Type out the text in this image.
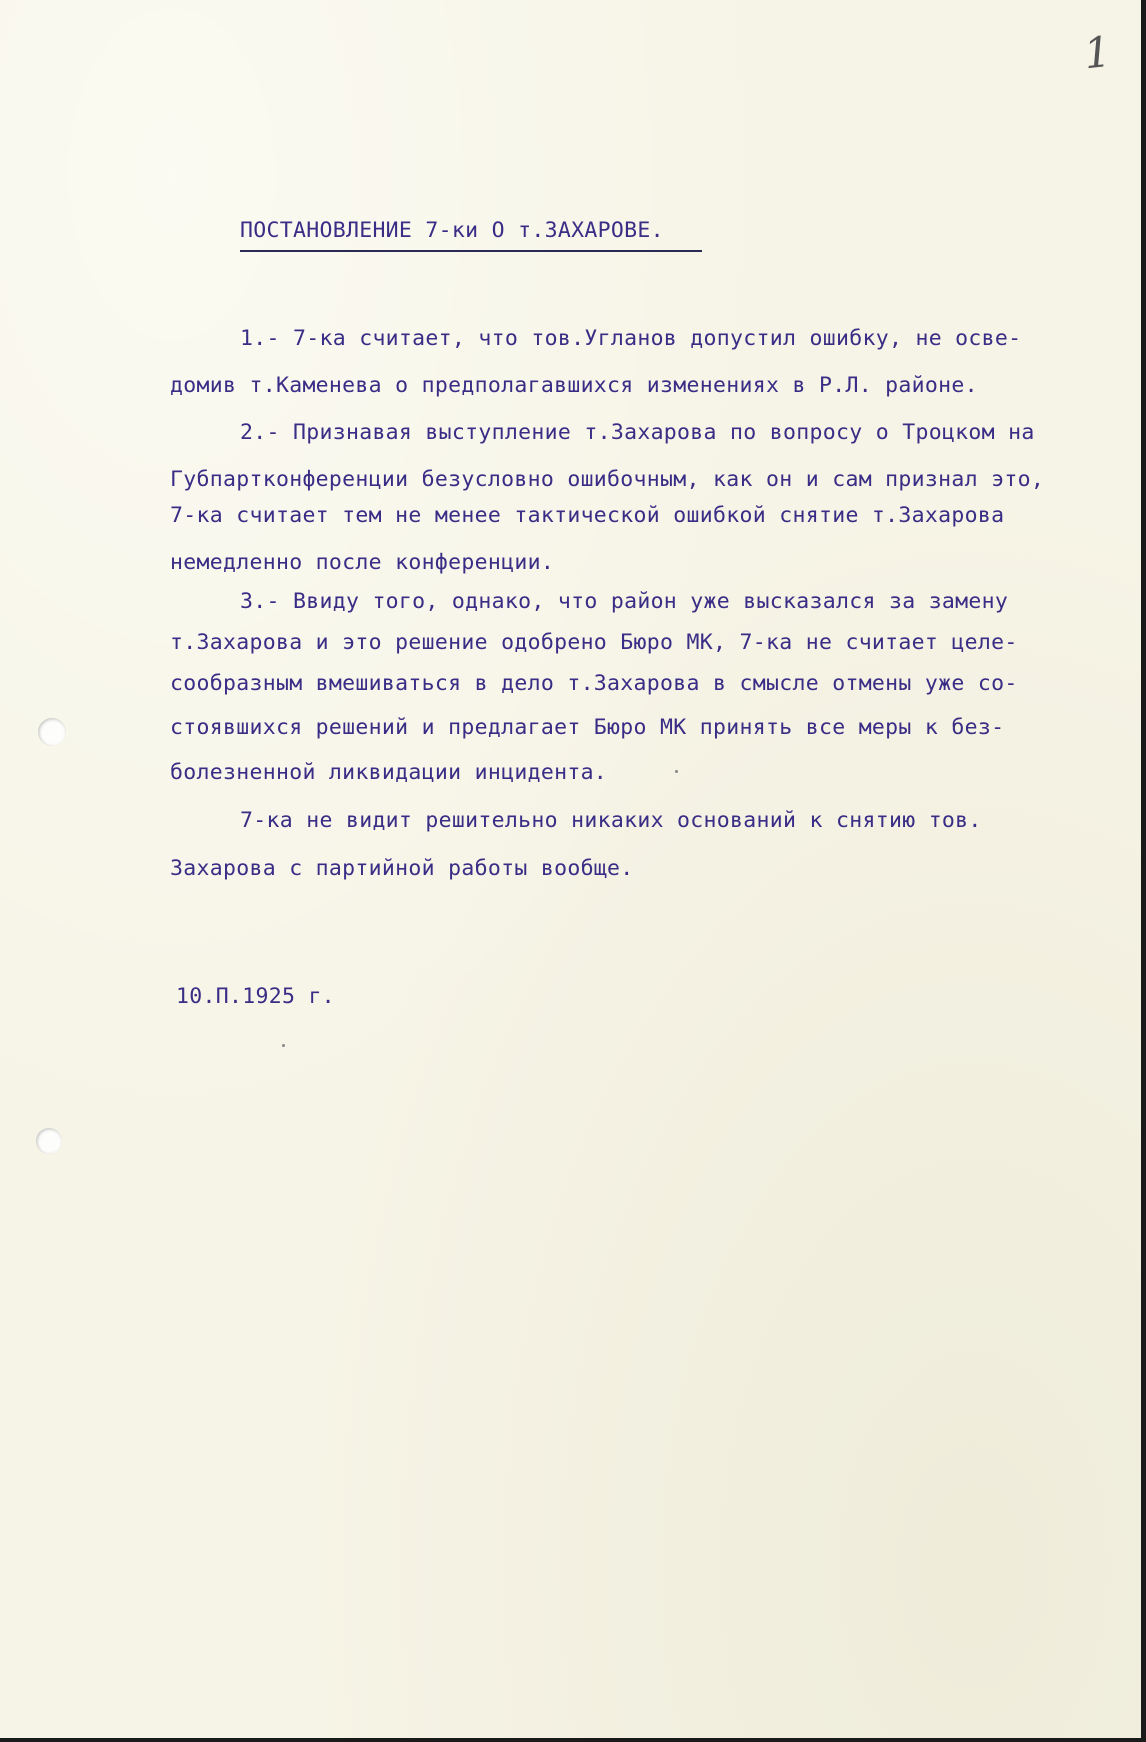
1
ПОСТАНОВЛЕНИЕ 7-ки О т.ЗАХАРОВЕ.
1.- 7-ка считает, что тов.Угланов допустил ошибку, не осве-
домив т.Каменева о предполагавшихся изменениях в Р.Л. районе.
2.- Признавая выступление т.Захарова по вопросу о Троцком на
Губпартконференции безусловно ошибочным, как он и сам признал это,
7-ка считает тем не менее тактической ошибкой снятие т.Захарова
немедленно после конференции.
3.- Ввиду того, однако, что район уже высказался за замену
т.Захарова и это решение одобрено Бюро МК, 7-ка не считает целе-
сообразным вмешиваться в дело т.Захарова в смысле отмены уже со-
стоявшихся решений и предлагает Бюро МК принять все меры к без-
болезненной ликвидации инцидента.
7-ка не видит решительно никаких оснований к снятию тов.
Захарова с партийной работы вообще.
10.П.1925 г.
